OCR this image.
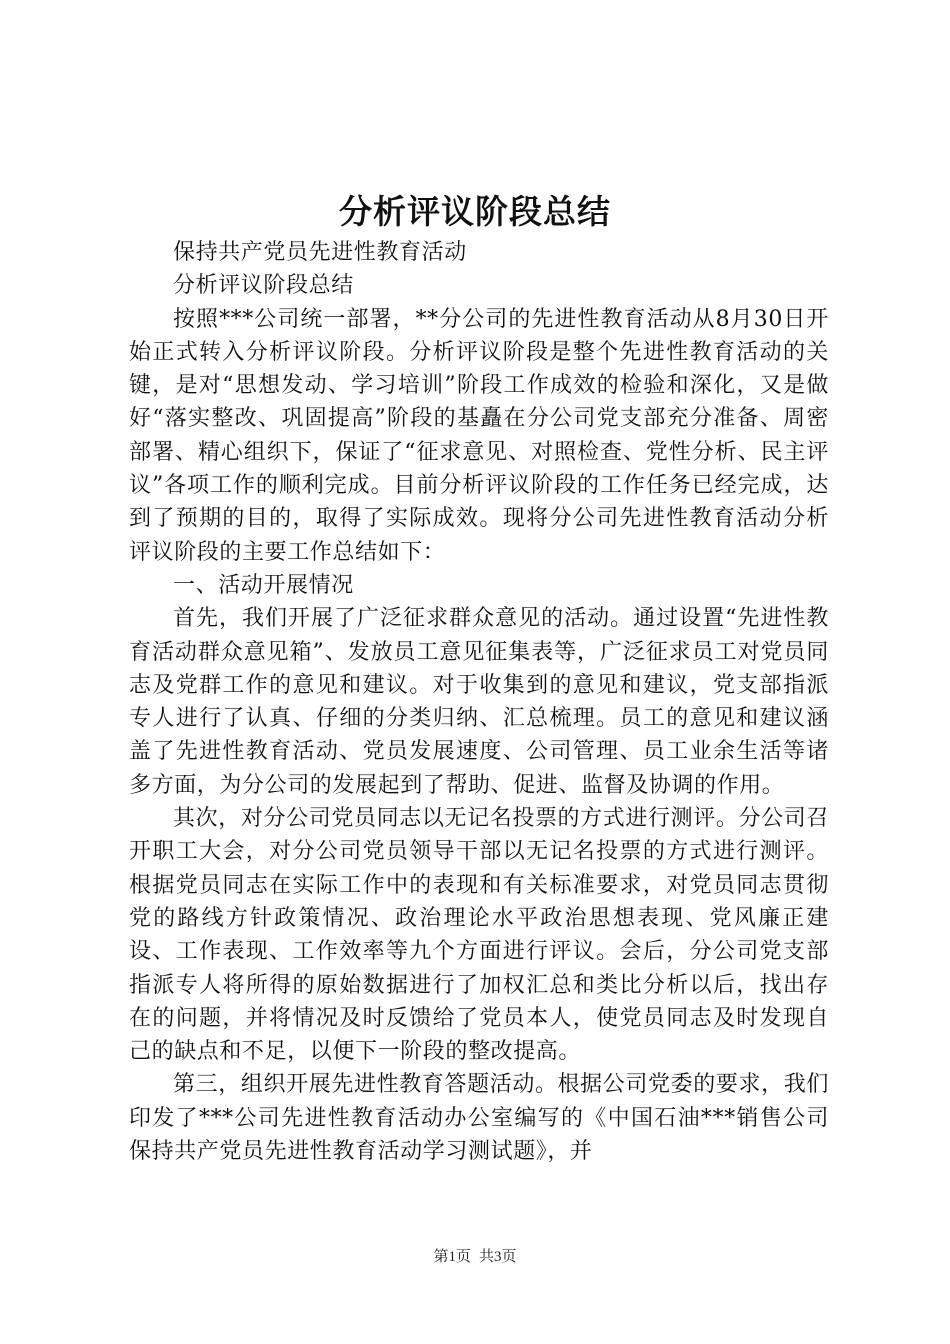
分析评议阶段总结

保持共产党员先进性教育活动

分析评议阶段总结

按照***公司统一部署，**分公司的先进性教育活动从8月30日开始正式转入分析评议阶段。分析评议阶段是整个先进性教育活动的关键，是对“思想发动、学习培训”阶段工作成效的检验和深化，又是做好“落实整改、巩固提高”阶段的基矗在分公司党支部充分准备、周密部署、精心组织下，保证了“征求意见、对照检查、党性分析、民主评议”各项工作的顺利完成。目前分析评议阶段的工作任务已经完成，达到了预期的目的，取得了实际成效。现将分公司先进性教育活动分析评议阶段的主要工作总结如下：

一、活动开展情况

首先，我们开展了广泛征求群众意见的活动。通过设置“先进性教育活动群众意见箱”、发放员工意见征集表等，广泛征求员工对党员同志及党群工作的意见和建议。对于收集到的意见和建议，党支部指派专人进行了认真、仔细的分类归纳、汇总梳理。员工的意见和建议涵盖了先进性教育活动、党员发展速度、公司管理、员工业余生活等诸多方面，为分公司的发展起到了帮助、促进、监督及协调的作用。

其次，对分公司党员同志以无记名投票的方式进行测评。分公司召开职工大会，对分公司党员领导干部以无记名投票的方式进行测评。根据党员同志在实际工作中的表现和有关标准要求，对党员同志贯彻党的路线方针政策情况、政治理论水平政治思想表现、党风廉正建设、工作表现、工作效率等九个方面进行评议。会后，分公司党支部指派专人将所得的原始数据进行了加权汇总和类比分析以后，找出存在的问题，并将情况及时反馈给了党员本人，使党员同志及时发现自己的缺点和不足，以便下一阶段的整改提高。

第三，组织开展先进性教育答题活动。根据公司党委的要求，我们印发了***公司先进性教育活动办公室编写的《中国石油***销售公司保持共产党员先进性教育活动学习测试题》，并

第1页 共3页
